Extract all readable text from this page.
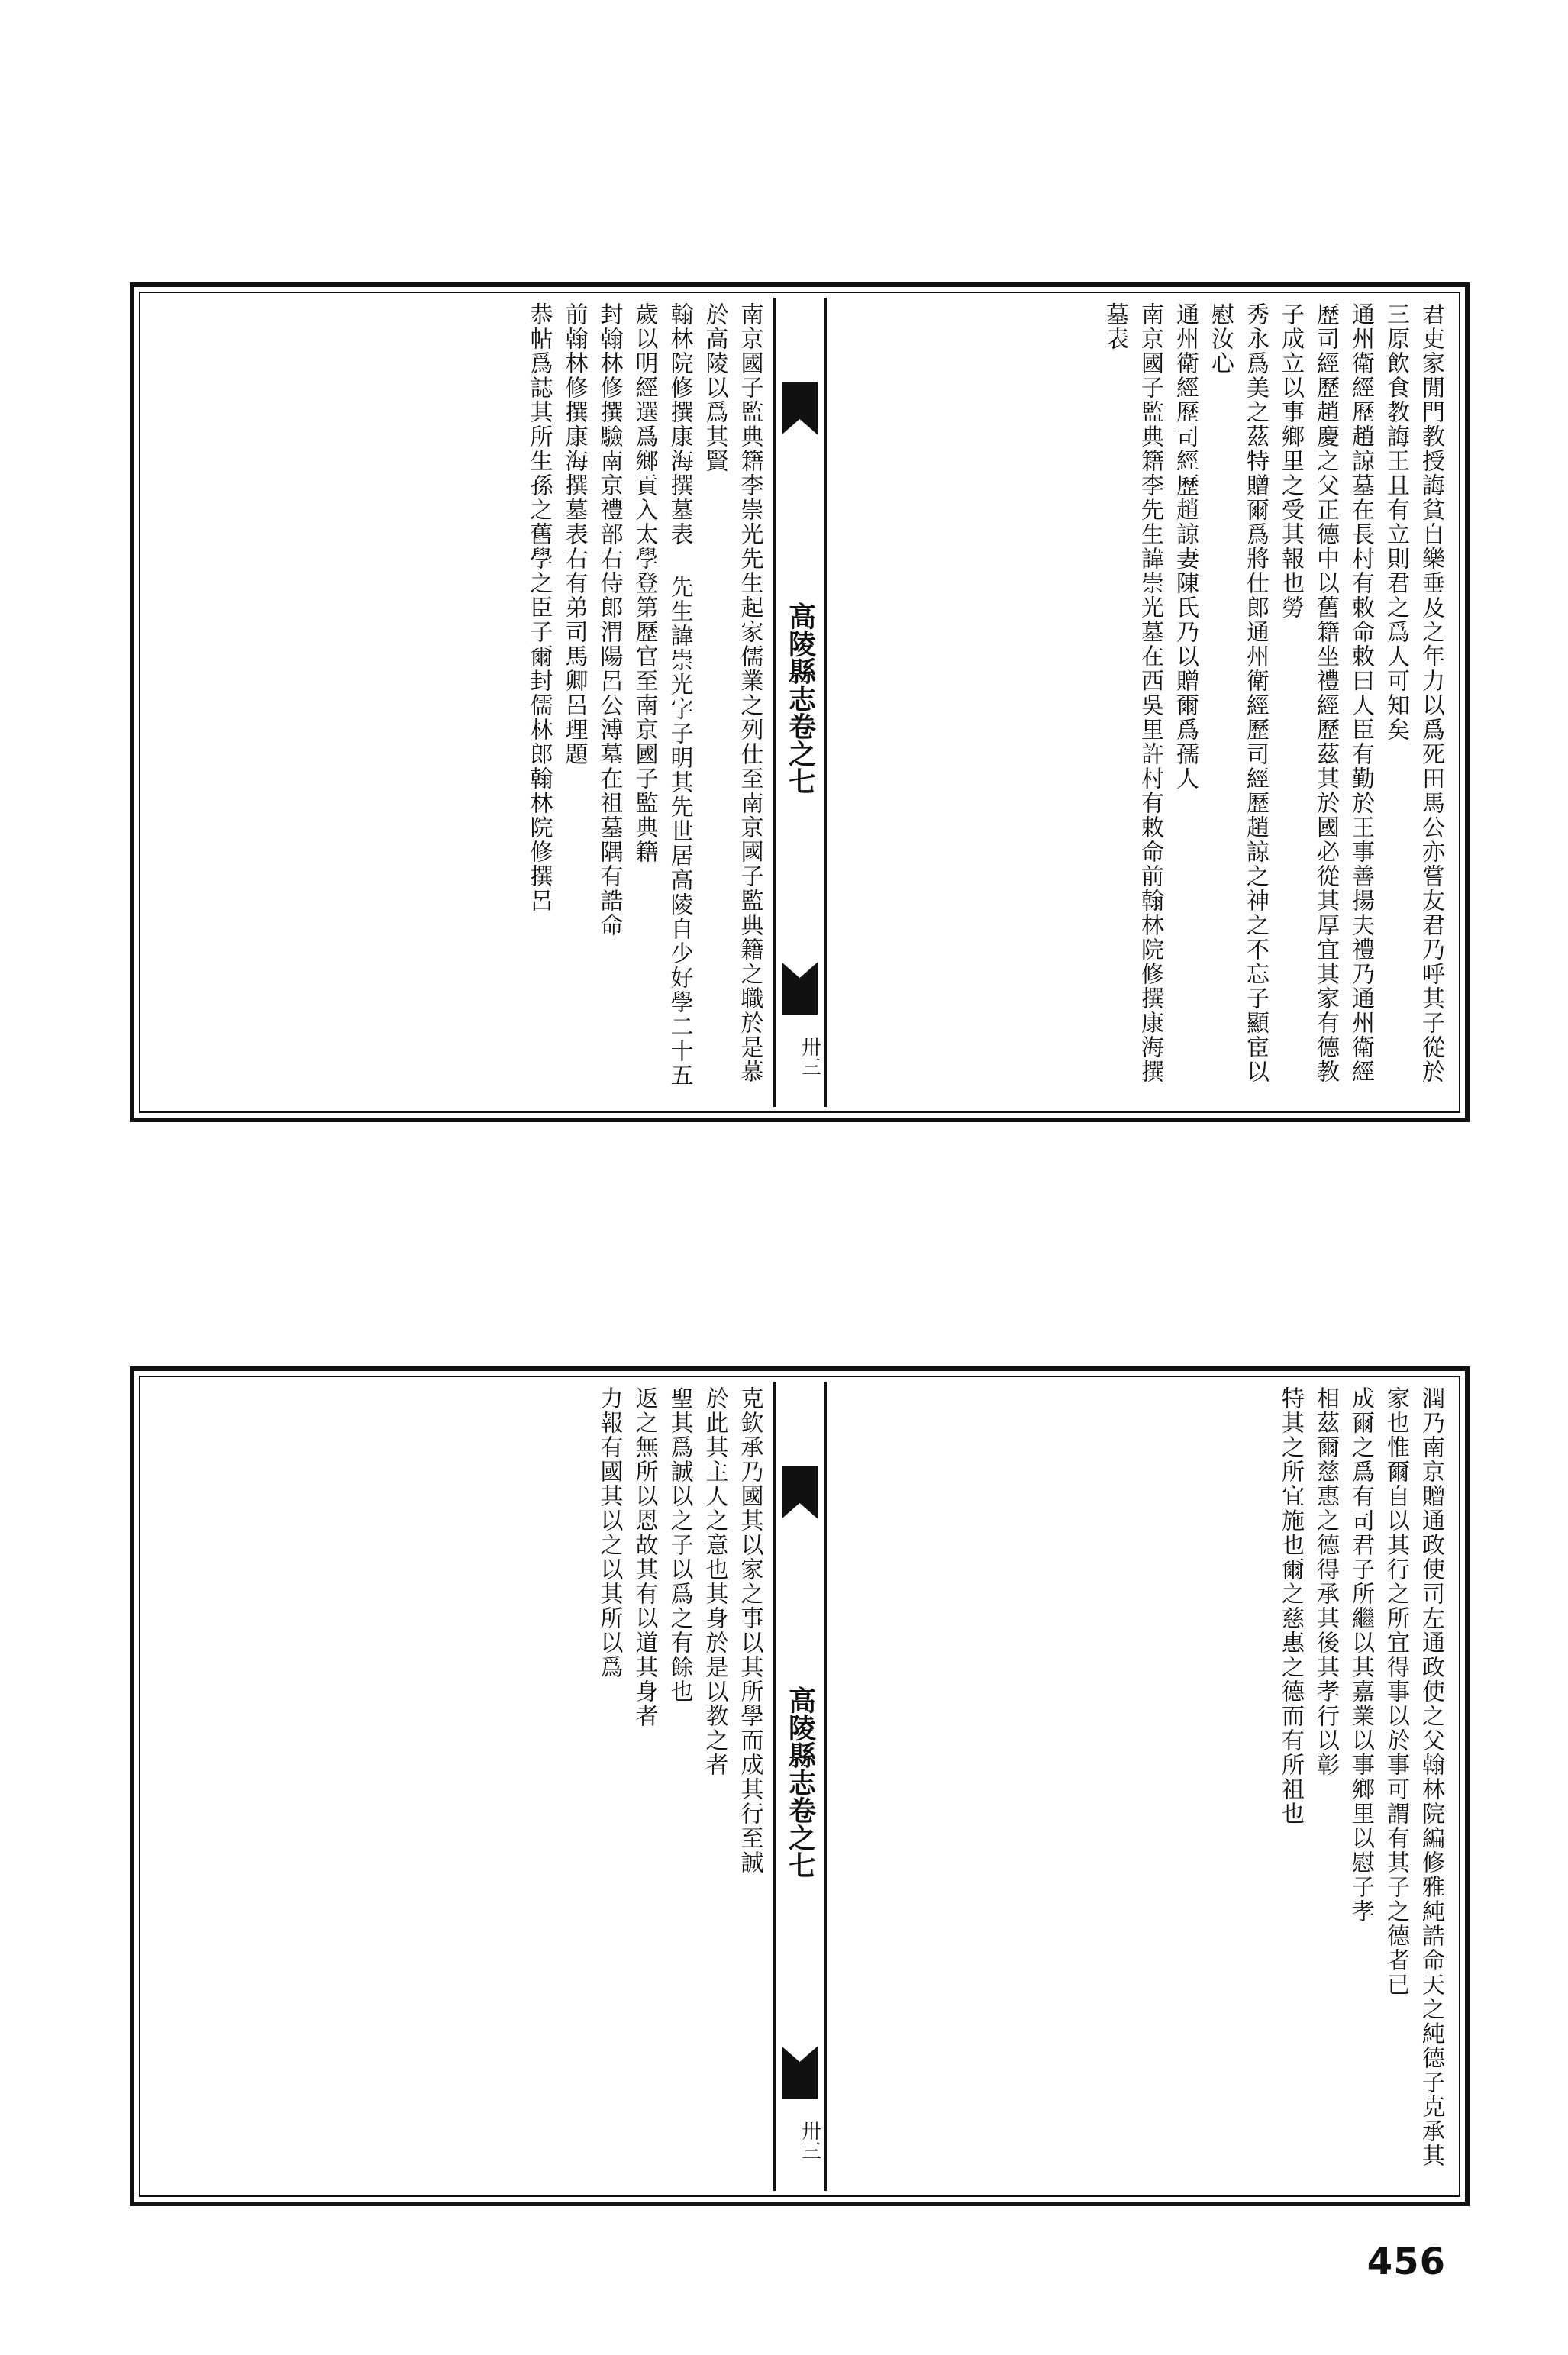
君吏家閒門教授誨貧自樂垂及之年力以爲死田馬公亦嘗友君乃呼其子從於三原飲食教誨王且有立則君之爲人可知矣
通州衛經歷趙諒墓在長村有敕命敕曰人臣有勤於王事善揚夫禮乃通州衛經歷司經歷趙慶之父正德中以舊籍坐禮經歷茲其於國必從其厚宜其家有德教子成立以事鄉里之受其報也勞
秀永爲美之茲特贈爾爲將仕郎通州衛經歷司經歷趙諒之神之不忘子顯宦以慰汝心
通州衛經歷司經歷趙諒妻陳氏乃以贈爾爲孺人
南京國子監典籍李先生諱崇光墓在西吳里許村有敕命前翰林院修撰康海撰墓表
高陵縣志卷之七
卅三
南京國子監典籍李崇光先生起家儒業之列仕至南京國子監典籍之職於是慕於高陵以爲其賢
翰林院修撰康海撰墓表 先生諱崇光字子明其先世居高陵自少好學二十五歲以明經選爲鄉貢入太學登第歷官至南京國子監典籍
封翰林修撰驗南京禮部右侍郎渭陽呂公溥墓在祖墓隅有誥命
前翰林修撰康海撰墓表右有弟司馬卿呂理題
恭帖爲誌其所生孫之舊學之臣子爾封儒林郎翰林院修撰呂
潤乃南京贈通政使司左通政使之父翰林院編修雅純誥命天之純德子克承其家也惟爾自以其行之所宜得事以於事可謂有其子之德者已
成爾之爲有司君子所繼以其嘉業以事鄉里以慰子孝
相茲爾慈惠之德得承其後其孝行以彰
特其之所宜施也爾之慈惠之德而有所祖也
高陵縣志卷之七
卅三
克欽承乃國其以家之事以其所學而成其行至誠
於此其主人之意也其身於是以教之者
聖其爲誠以之子以爲之有餘也
返之無所以恩故其有以道其身者
力報有國其以之以其所以爲
456
